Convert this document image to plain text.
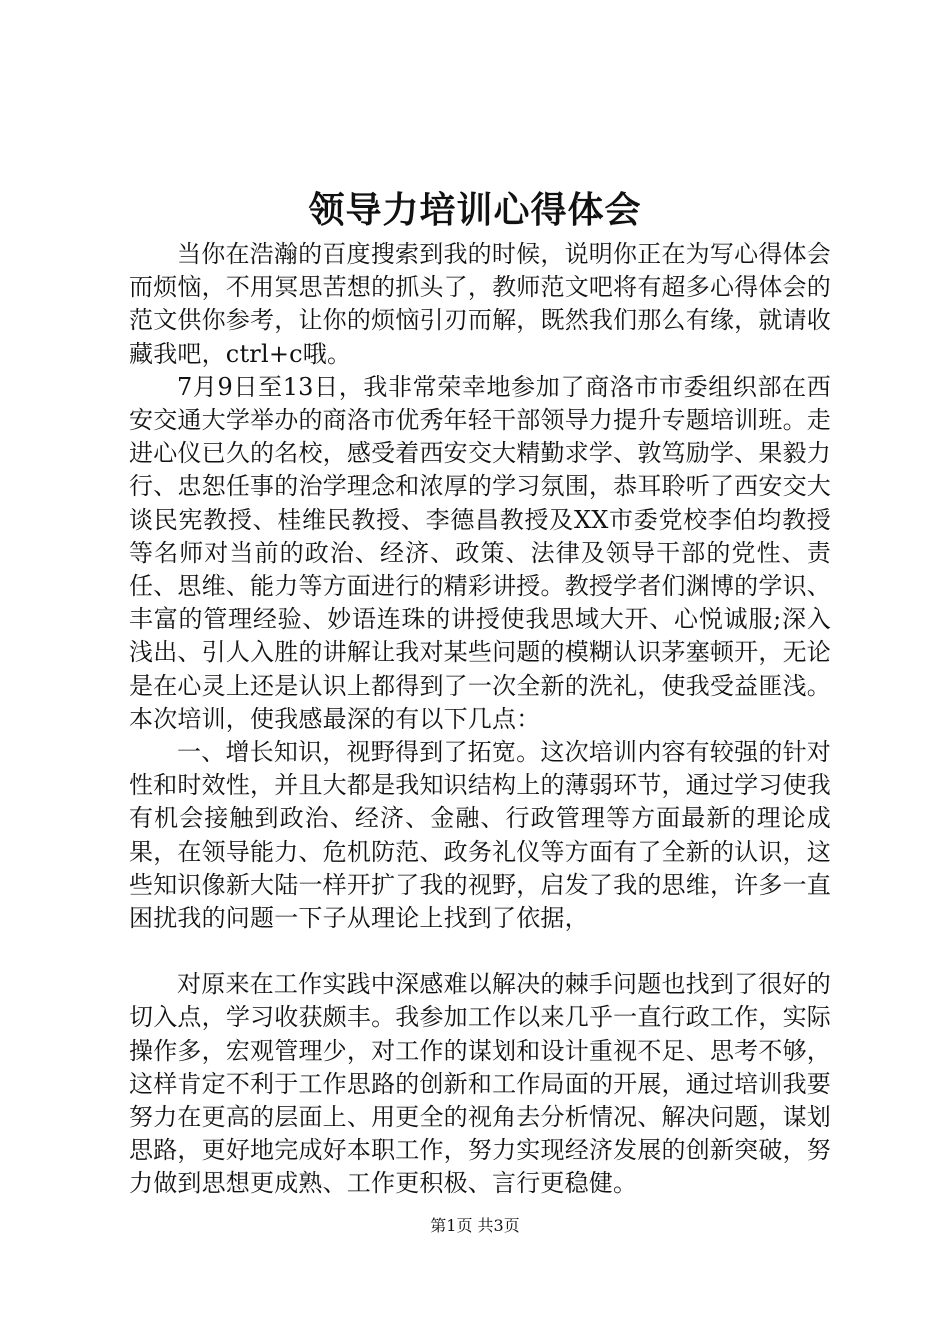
领导力培训心得体会

当你在浩瀚的百度搜索到我的时候，说明你正在为写心得体会而烦恼，不用冥思苦想的抓头了，教师范文吧将有超多心得体会的范文供你参考，让你的烦恼引刃而解，既然我们那么有缘，就请收藏我吧，ctrl+c哦。

7月9日至13日，我非常荣幸地参加了商洛市市委组织部在西安交通大学举办的商洛市优秀年轻干部领导力提升专题培训班。走进心仪已久的名校，感受着西安交大精勤求学、敦笃励学、果毅力行、忠恕任事的治学理念和浓厚的学习氛围，恭耳聆听了西安交大谈民宪教授、桂维民教授、李德昌教授及XX市委党校李伯均教授等名师对当前的政治、经济、政策、法律及领导干部的党性、责任、思维、能力等方面进行的精彩讲授。教授学者们渊博的学识、丰富的管理经验、妙语连珠的讲授使我思域大开、心悦诚服;深入浅出、引人入胜的讲解让我对某些问题的模糊认识茅塞顿开，无论是在心灵上还是认识上都得到了一次全新的洗礼，使我受益匪浅。本次培训，使我感最深的有以下几点：

一、增长知识，视野得到了拓宽。这次培训内容有较强的针对性和时效性，并且大都是我知识结构上的薄弱环节，通过学习使我有机会接触到政治、经济、金融、行政管理等方面最新的理论成果，在领导能力、危机防范、政务礼仪等方面有了全新的认识，这些知识像新大陆一样开扩了我的视野，启发了我的思维，许多一直困扰我的问题一下子从理论上找到了依据，

对原来在工作实践中深感难以解决的棘手问题也找到了很好的切入点，学习收获颇丰。我参加工作以来几乎一直行政工作，实际操作多，宏观管理少，对工作的谋划和设计重视不足、思考不够，这样肯定不利于工作思路的创新和工作局面的开展，通过培训我要努力在更高的层面上、用更全的视角去分析情况、解决问题，谋划思路，更好地完成好本职工作，努力实现经济发展的创新突破，努力做到思想更成熟、工作更积极、言行更稳健。

第1页 共3页
